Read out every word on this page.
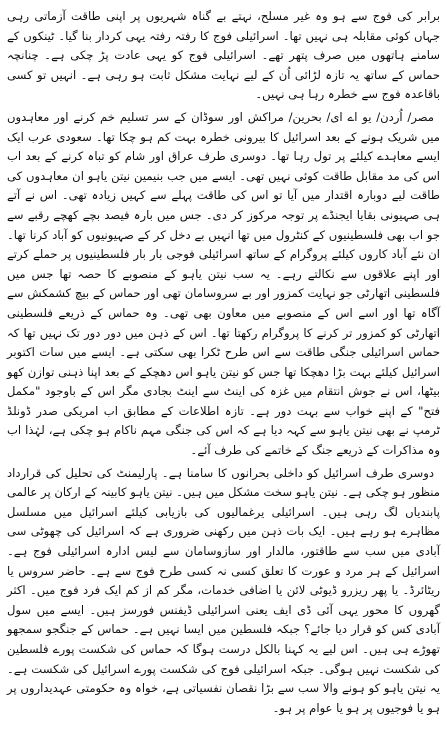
برابر کی فوج سے ہو وہ غیر مسلح، نہتے بے گناہ شہریوں پر اپنی طاقت آزماتی رہی جہاں کوئی مقابلہ ہی نہیں تھا۔ اسرائیلی فوج کا رفتہ رفتہ یہی کردار بنا گیا۔ ٹینکوں کے سامنے ہاتھوں میں صرف پتھر تھے۔ اسرائیلی فوج کو یہی عادت پڑ چکی ہے۔ چنانچہ حماس کے ساتھ یہ تازہ لڑائی اُن کے لیے نہایت مشکل ثابت ہو رہی ہے۔ انہیں تو کسی باقاعدہ فوج سے خطرہ رہا ہی نہیں۔

مصر/ اُردن/ یو اے ای/ بحرین/ مراکش اور سوڈان کے سر تسلیم خم کرنے اور معاہدوں میں شریک ہونے کے بعد اسرائیل کا بیرونی خطرہ بہت کم ہو چکا تھا۔ سعودی عرب ایک ایسے معاہدے کیلئے پر تول رہا تھا۔ دوسری طرف عراق اور شام کو تباہ کرنے کے بعد اب اس کی مد مقابل طاقت کوئی نہیں تھی۔ ایسے میں جب بنیمین نیتن یاہو ان معاہدوں کی طاقت لیے دوبارہ اقتدار میں آیا تو اس کی طاقت پہلے سے کہیں زیادہ تھی۔ اس نے آتے ہی صہیونی بقایا ایجنڈے پر توجہ مرکوز کر دی۔ جس میں بارہ فیصد بچے کھچے رقبے سے جو اب بھی فلسطینیوں کے کنٹرول میں تھا انہیں بے دخل کر کے صہیونیوں کو آباد کرنا تھا۔ ان نئے آباد کاروں کیلئے پروگرام کے ساتھ اسرائیلی فوجی بار بار فلسطینیوں پر حملے کرتے اور اپنے علاقوں سے نکالتے رہے۔ یہ سب نیتن یاہو کے منصوبے کا حصہ تھا جس میں فلسطینی اتھارٹی جو نہایت کمزور اور بے سروسامان تھی اور حماس کے بیچ کشمکش سے آگاہ تھا اور اسے اس کے منصوبے میں معاون بھی تھی۔ وہ حماس کے ذریعے فلسطینی اتھارٹی کو کمزور تر کرنے کا پروگرام رکھتا تھا۔ اس کے ذہن میں دور دور تک نہیں تھا کہ حماس اسرائیلی جنگی طاقت سے اس طرح ٹکرا بھی سکتی ہے۔ ایسے میں سات اکتوبر اسرائیل کیلئے بہت بڑا دھچکا تھا جس کو نیتن یاہو اس دھچکے کے بعد اپنا ذہنی توازن کھو بیٹھا، اس نے جوش انتقام میں غزہ کی اینٹ سے اینٹ بجادی مگر اس کے باوجود "مکمل فتح" کے اپنے خواب سے بہت دور ہے۔ تازہ اطلاعات کے مطابق اب امریکی صدر ڈونلڈ ٹرمپ نے بھی نیتن یاہو سے کہہ دیا ہے کہ اس کی جنگی مہم ناکام ہو چکی ہے، لہٰذا اب وہ مذاکرات کے ذریعے جنگ کے خاتمے کی طرف آئے۔

دوسری طرف اسرائیل کو داخلی بحرانوں کا سامنا ہے۔ پارلیمنٹ کی تحلیل کی قرارداد منظور ہو چکی ہے۔ نیتن یاہو سخت مشکل میں ہیں۔ نیتن یاہو کابینہ کے ارکان پر عالمی پابندیاں لگ رہی ہیں۔ اسرائیلی یرغمالیوں کی بازیابی کیلئے اسرائیل میں مسلسل مظاہرے ہو رہے ہیں۔ ایک بات ذہن میں رکھنی ضروری ہے کہ اسرائیل کی چھوٹی سی آبادی میں سب سے طاقتور، مالدار اور سازوسامان سے لیس ادارہ اسرائیلی فوج ہے۔ اسرائیل کے ہر مرد و عورت کا تعلق کسی نہ کسی طرح فوج سے ہے۔ حاضر سروس یا ریٹائرڈ۔ یا پھر ریزرو ڈیوٹی لائن یا اضافی خدمات، مگر کم از کم ایک فرد فوج میں۔ اکثر گھروں کا محور یہی آئی ڈی ایف یعنی اسرائیلی ڈیفنس فورسز ہیں۔ ایسے میں سول آبادی کس کو قرار دیا جائے؟ جبکہ فلسطین میں ایسا نہیں ہے۔ حماس کے جنگجو سمجھو تھوڑے ہی ہیں۔ اس لیے یہ کہنا بالکل درست ہوگا کہ حماس کی شکست پورے فلسطین کی شکست نہیں ہوگی۔ جبکہ اسرائیلی فوج کی شکست پورے اسرائیل کی شکست ہے۔ یہ نیتن یاہو کو ہونے والا سب سے بڑا نقصان نفسیاتی ہے، خواہ وہ حکومتی عہدیداروں پر ہو یا فوجیوں پر ہو یا عوام پر ہو۔
